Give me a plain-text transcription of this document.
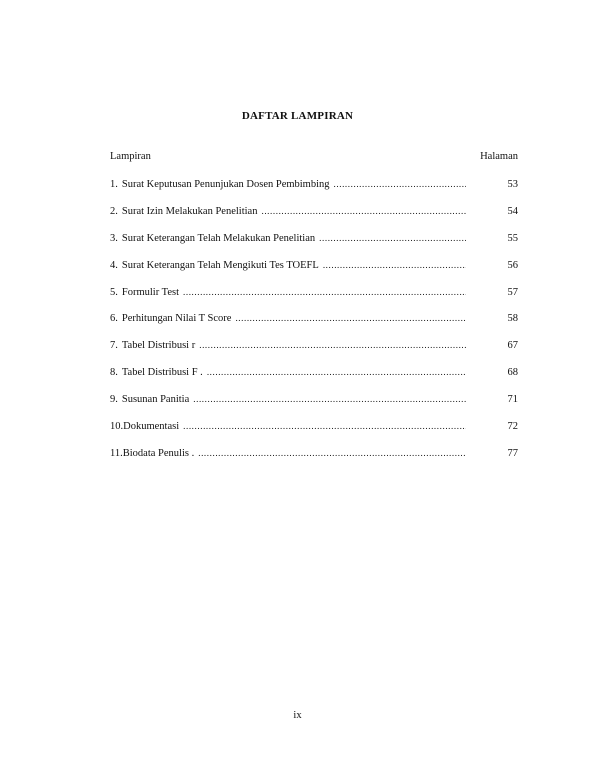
DAFTAR LAMPIRAN
Lampiran	Halaman
1. Surat Keputusan Penunjukan Dosen Pembimbing .....	53
2. Surat Izin Melakukan Penelitian .....	54
3. Surat Keterangan Telah Melakukan Penelitian .....	55
4. Surat Keterangan Telah Mengikuti Tes TOEFL .....	56
5. Formulir Test .....	57
6. Perhitungan Nilai T Score .....	58
7. Tabel Distribusi r .....	67
8. Tabel Distribusi F . .....	68
9. Susunan Panitia .....	71
10. Dokumentasi .....	72
11. Biodata Penulis . .....	77
ix
